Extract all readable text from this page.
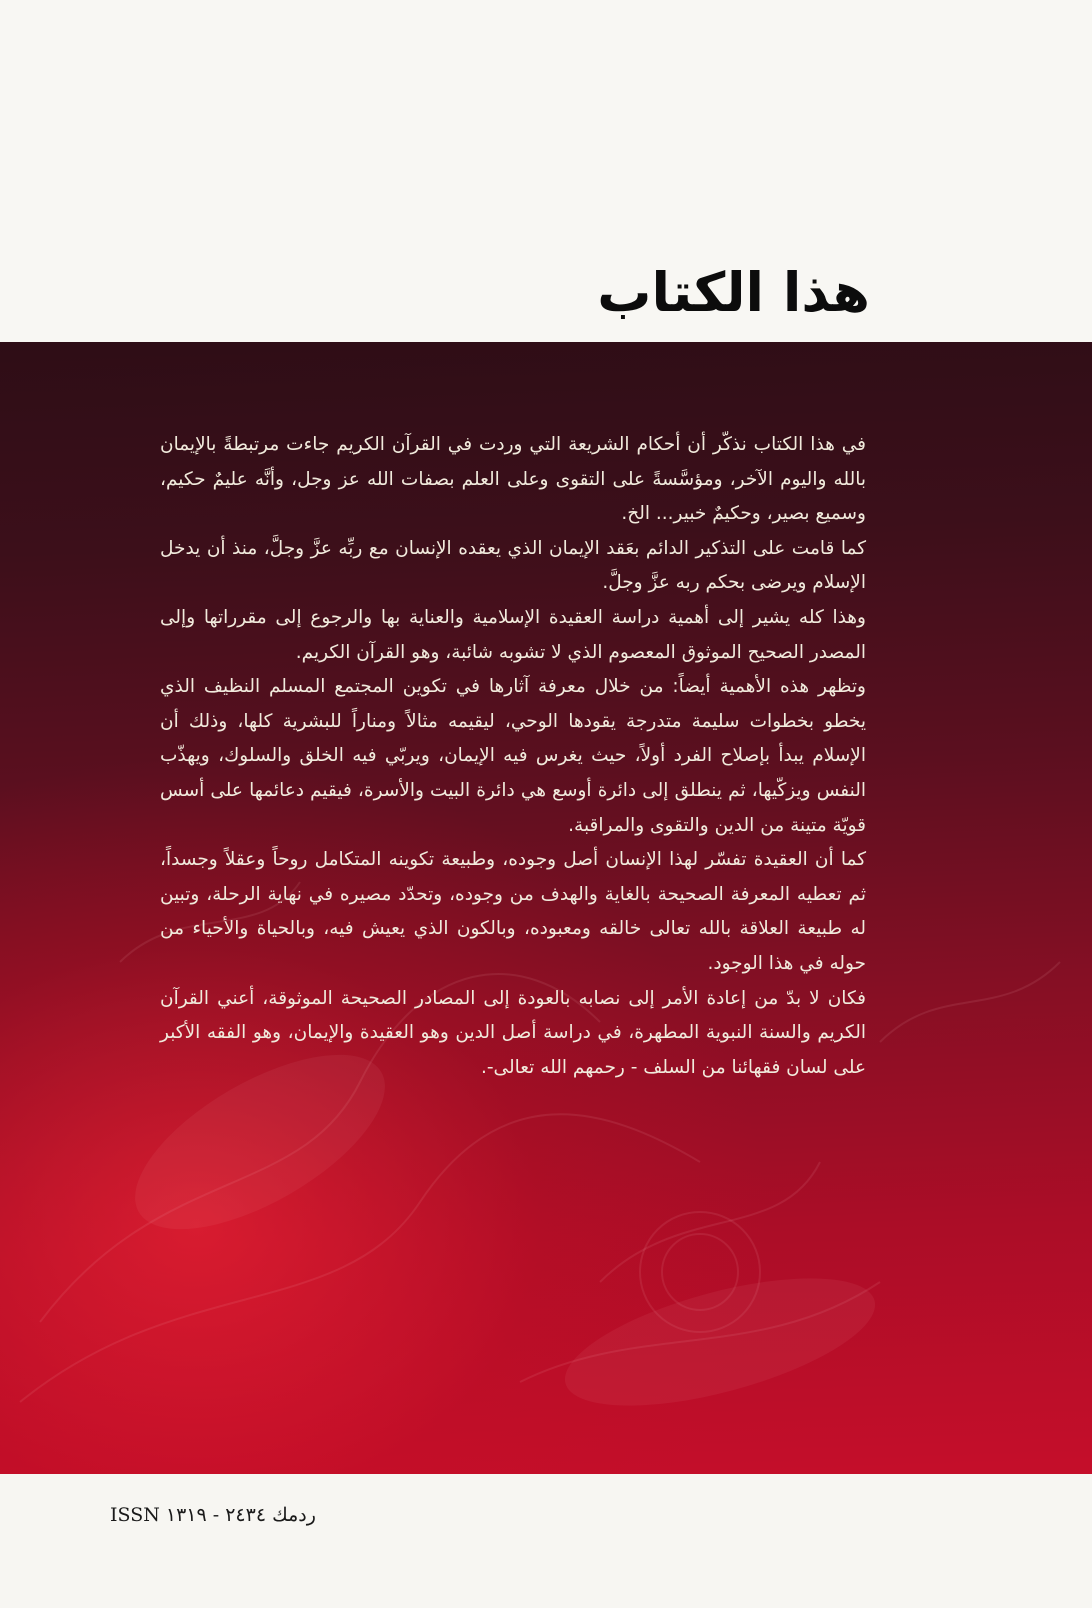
هذا الكتاب

في هذا الكتاب نذكّر أن أحكام الشريعة التي وردت في القرآن الكريم جاءت مرتبطةً بالإيمان بالله واليوم الآخر، ومؤسَّسةً على التقوى وعلى العلم بصفات الله عز وجل، وأنَّه عليمٌ حكيم، وسميع بصير، وحكيمٌ خبير... الخ.

كما قامت على التذكير الدائم بعَقد الإيمان الذي يعقده الإنسان مع ربِّه عزَّ وجلَّ، منذ أن يدخل الإسلام ويرضى بحكم ربه عزَّ وجلَّ.

وهذا كله يشير إلى أهمية دراسة العقيدة الإسلامية والعناية بها والرجوع إلى مقرراتها وإلى المصدر الصحيح الموثوق المعصوم الذي لا تشوبه شائبة، وهو القرآن الكريم.

وتظهر هذه الأهمية أيضاً: من خلال معرفة آثارها في تكوين المجتمع المسلم النظيف الذي يخطو بخطوات سليمة متدرجة يقودها الوحي، ليقيمه مثالاً ومناراً للبشرية كلها، وذلك أن الإسلام يبدأ بإصلاح الفرد أولاً، حيث يغرس فيه الإيمان، ويربّي فيه الخلق والسلوك، ويهذّب النفس ويزكّيها، ثم ينطلق إلى دائرة أوسع هي دائرة البيت والأسرة، فيقيم دعائمها على أسس قويّة متينة من الدين والتقوى والمراقبة.

كما أن العقيدة تفسّر لهذا الإنسان أصل وجوده، وطبيعة تكوينه المتكامل روحاً وعقلاً وجسداً، ثم تعطيه المعرفة الصحيحة بالغاية والهدف من وجوده، وتحدّد مصيره في نهاية الرحلة، وتبين له طبيعة العلاقة بالله تعالى خالقه ومعبوده، وبالكون الذي يعيش فيه، وبالحياة والأحياء من حوله في هذا الوجود.

فكان لا بدّ من إعادة الأمر إلى نصابه بالعودة إلى المصادر الصحيحة الموثوقة، أعني القرآن الكريم والسنة النبوية المطهرة، في دراسة أصل الدين وهو العقيدة والإيمان، وهو الفقه الأكبر على لسان فقهائنا من السلف - رحمهم الله تعالى-.

ردمك ٢٤٣٤ - ١٣١٩ ISSN
